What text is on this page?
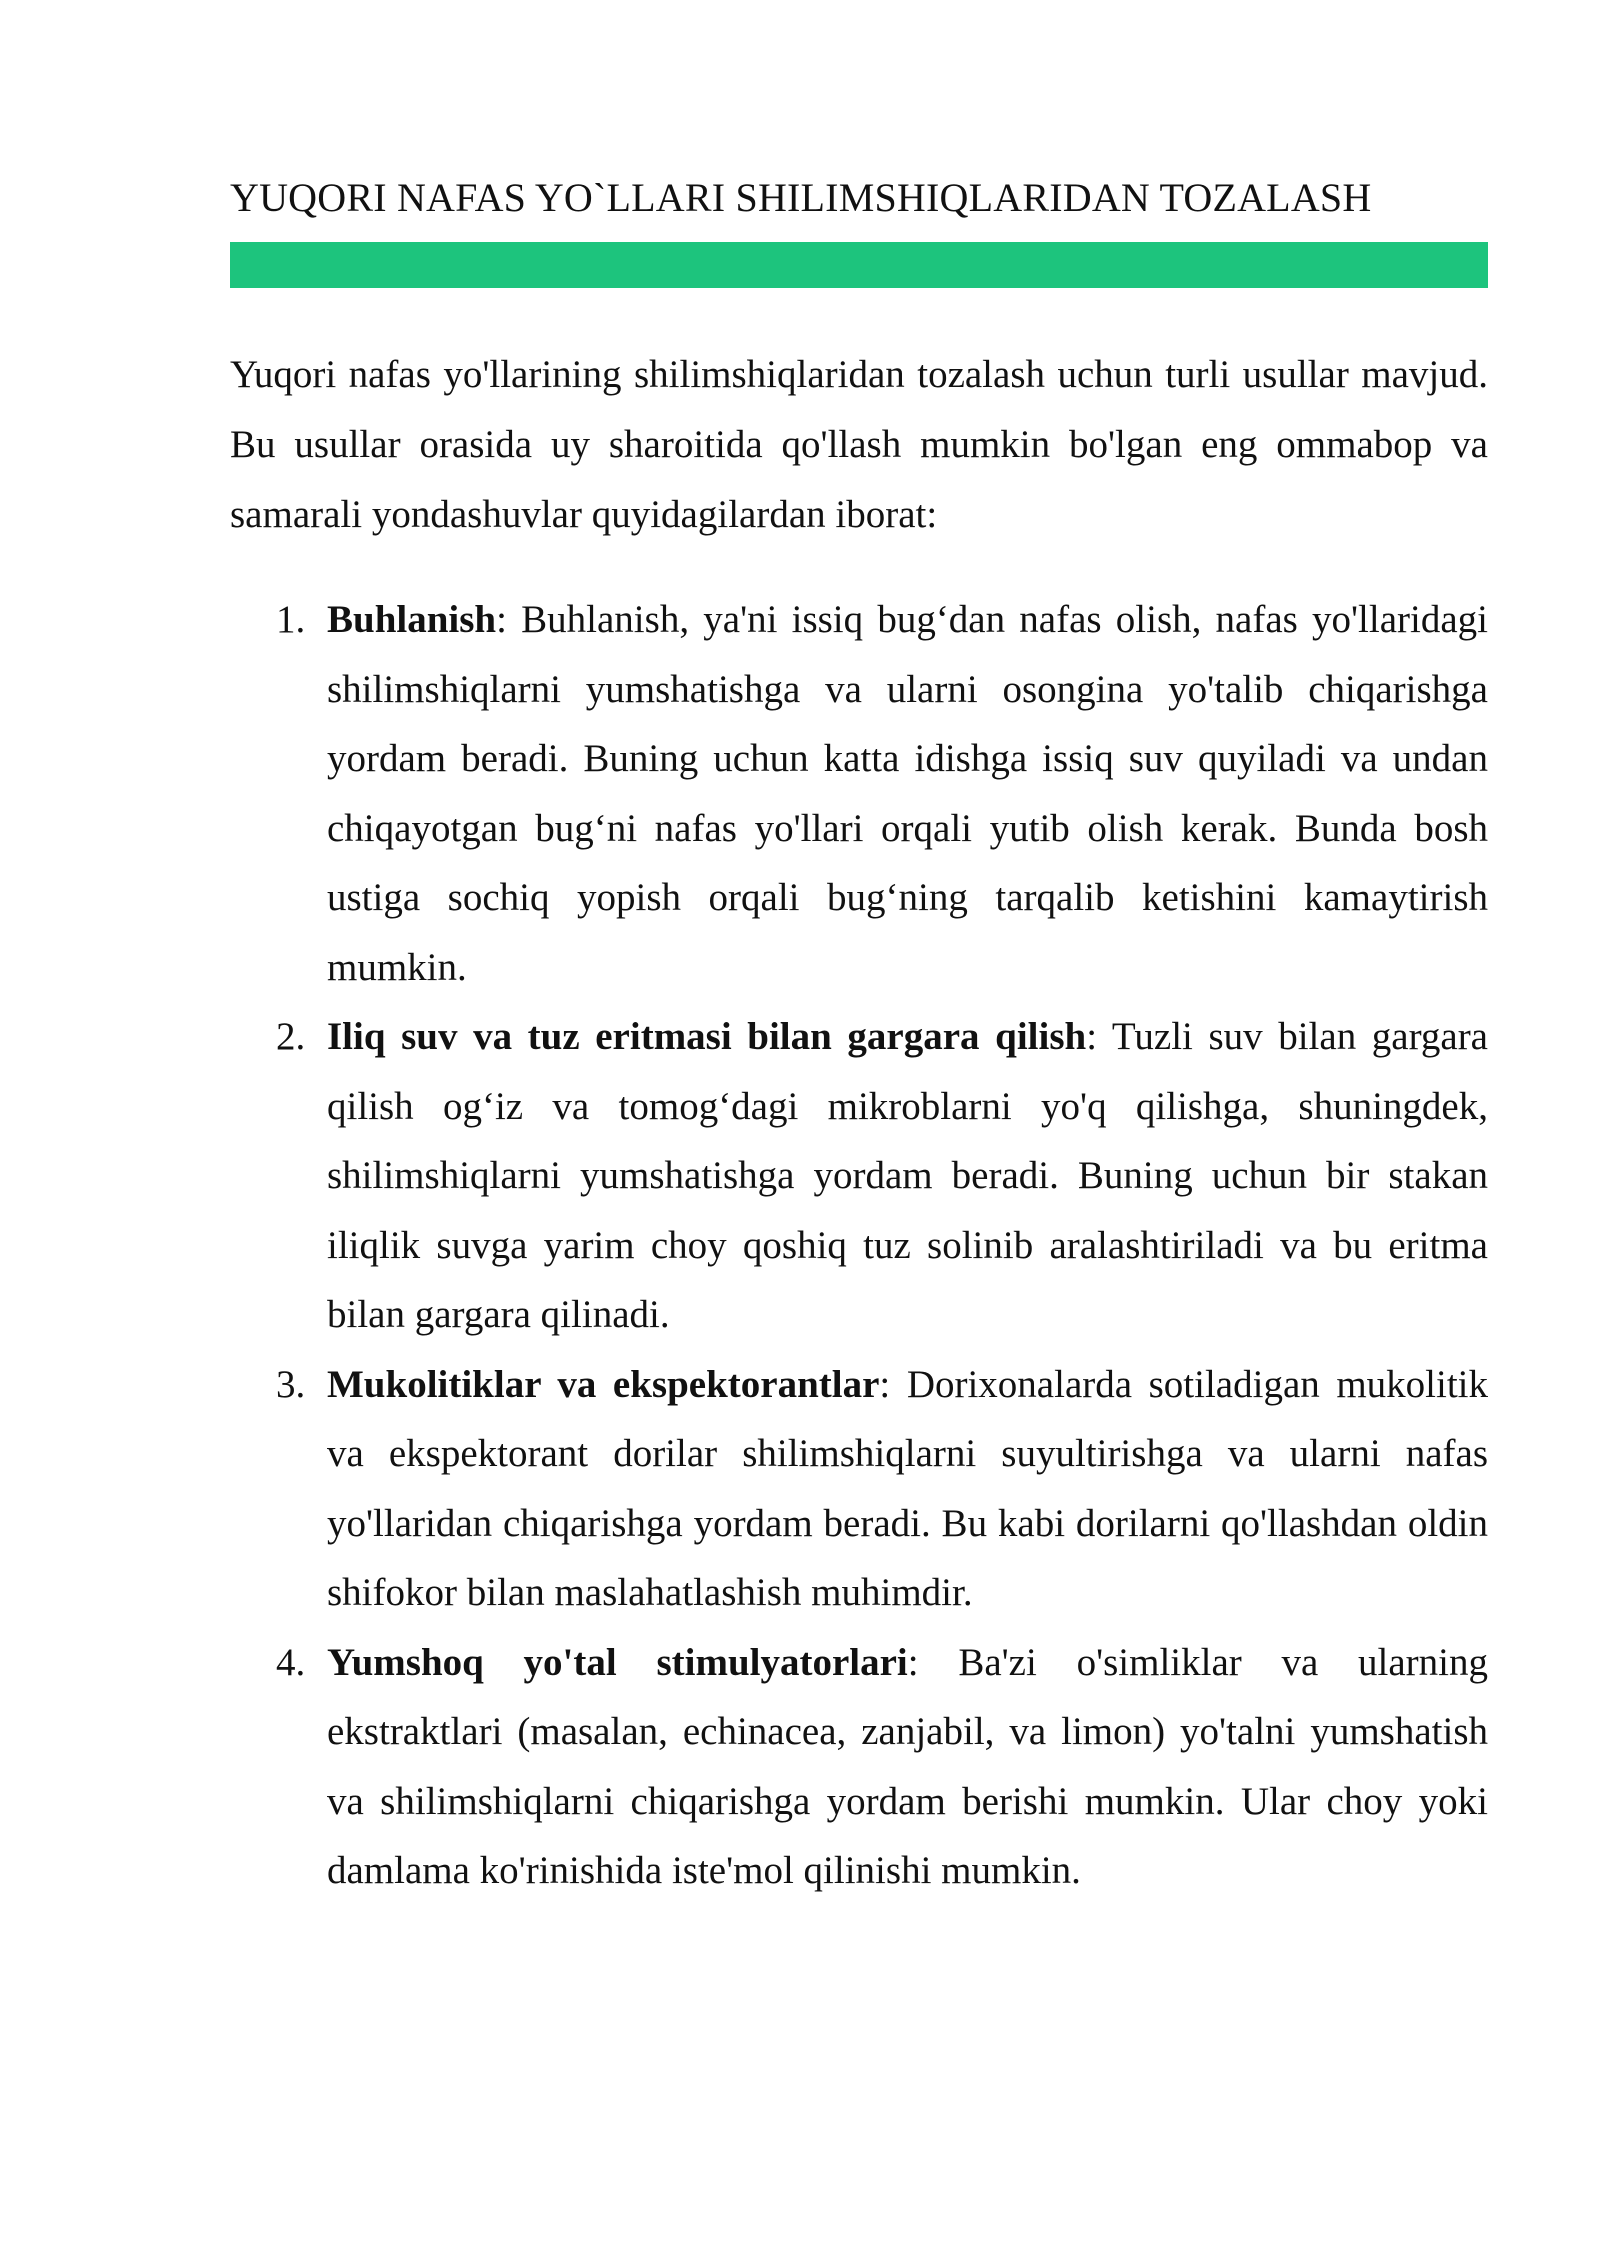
YUQORI NAFAS YO`LLARI SHILIMSHIQLARIDAN TOZALASH

Yuqori nafas yo'llarining shilimshiqlaridan tozalash uchun turli usullar mavjud. Bu usullar orasida uy sharoitida qo'llash mumkin bo'lgan eng ommabop va samarali yondashuvlar quyidagilardan iborat:

1. Buhlanish: Buhlanish, ya'ni issiq bug‘dan nafas olish, nafas yo'llaridagi shilimshiqlarni yumshatishga va ularni osongina yo'talib chiqarishga yordam beradi. Buning uchun katta idishga issiq suv quyiladi va undan chiqayotgan bug‘ni nafas yo'llari orqali yutib olish kerak. Bunda bosh ustiga sochiq yopish orqali bug‘ning tarqalib ketishini kamaytirish mumkin.
2. Iliq suv va tuz eritmasi bilan gargara qilish: Tuzli suv bilan gargara qilish og‘iz va tomog‘dagi mikroblarni yo'q qilishga, shuningdek, shilimshiqlarni yumshatishga yordam beradi. Buning uchun bir stakan iliqlik suvga yarim choy qoshiq tuz solinib aralashtiriladi va bu eritma bilan gargara qilinadi.
3. Mukolitiklar va ekspektorantlar: Dorixonalarda sotiladigan mukolitik va ekspektorant dorilar shilimshiqlarni suyultirishga va ularni nafas yo'llaridan chiqarishga yordam beradi. Bu kabi dorilarni qo'llashdan oldin shifokor bilan maslahatlashish muhimdir.
4. Yumshoq yo'tal stimulyatorlari: Ba'zi o'simliklar va ularning ekstraktlari (masalan, echinacea, zanjabil, va limon) yo'talni yumshatish va shilimshiqlarni chiqarishga yordam berishi mumkin. Ular choy yoki damlama ko'rinishida iste'mol qilinishi mumkin.
